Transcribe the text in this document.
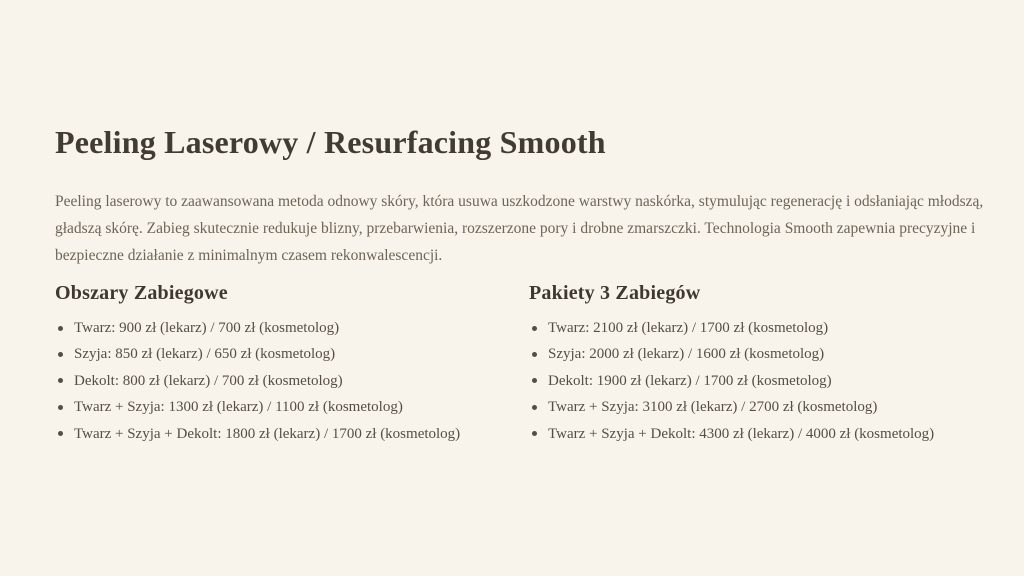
Peeling Laserowy / Resurfacing Smooth
Peeling laserowy to zaawansowana metoda odnowy skóry, która usuwa uszkodzone warstwy naskórka, stymulując regenerację i odsłaniając młodszą,
gładszą skórę. Zabieg skutecznie redukuje blizny, przebarwienia, rozszerzone pory i drobne zmarszczki. Technologia Smooth zapewnia precyzyjne i
bezpieczne działanie z minimalnym czasem rekonwalescencji.
Obszary Zabiegowe
Twarz: 900 zł (lekarz) / 700 zł (kosmetolog)
Szyja: 850 zł (lekarz) / 650 zł (kosmetolog)
Dekolt: 800 zł (lekarz) / 700 zł (kosmetolog)
Twarz + Szyja: 1300 zł (lekarz) / 1100 zł (kosmetolog)
Twarz + Szyja + Dekolt: 1800 zł (lekarz) / 1700 zł (kosmetolog)
Pakiety 3 Zabiegów
Twarz: 2100 zł (lekarz) / 1700 zł (kosmetolog)
Szyja: 2000 zł (lekarz) / 1600 zł (kosmetolog)
Dekolt: 1900 zł (lekarz) / 1700 zł (kosmetolog)
Twarz + Szyja: 3100 zł (lekarz) / 2700 zł (kosmetolog)
Twarz + Szyja + Dekolt: 4300 zł (lekarz) / 4000 zł (kosmetolog)
